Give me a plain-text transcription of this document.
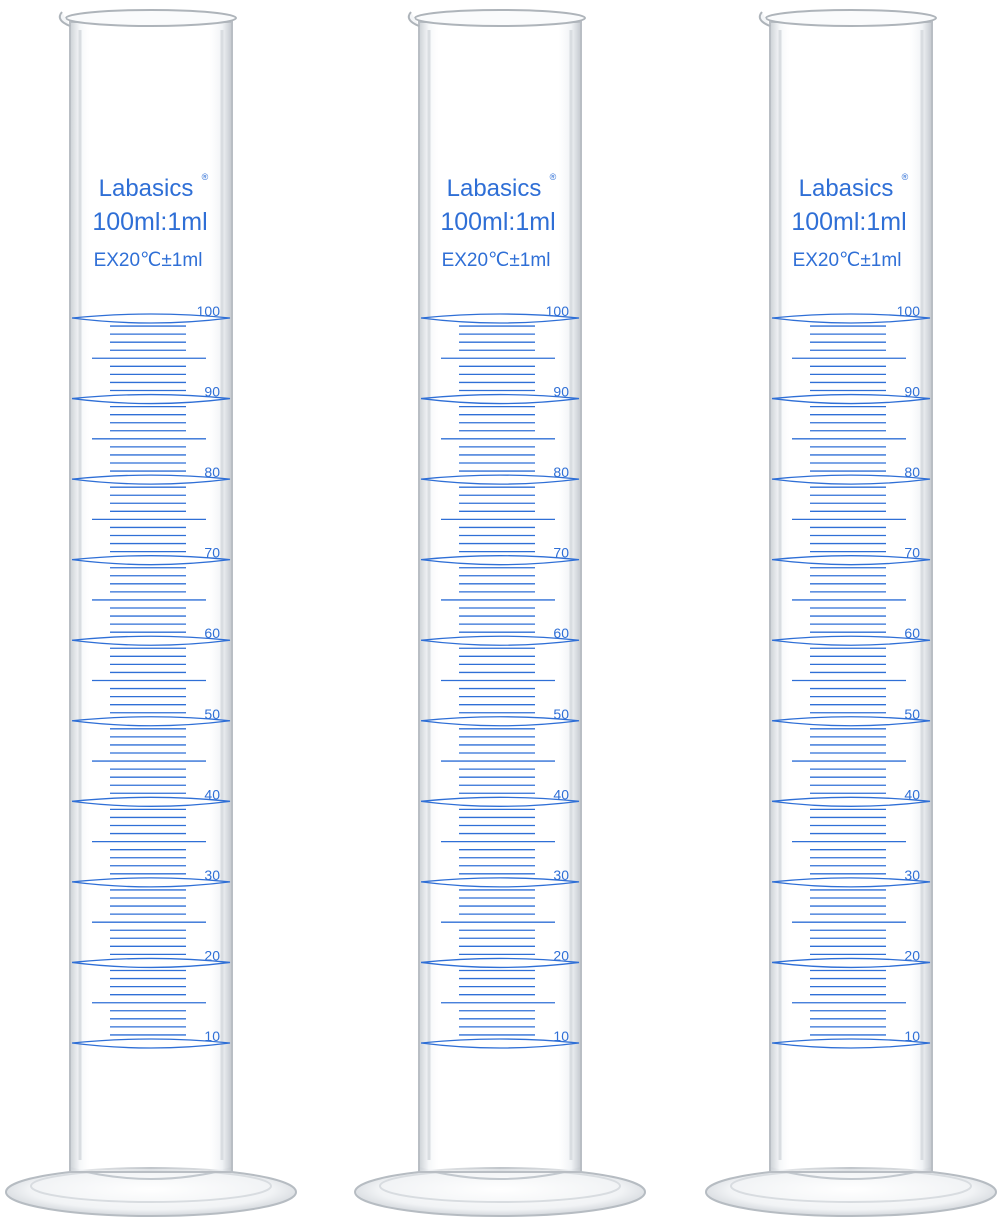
Labasics ®
100ml:1ml
EX20℃±1ml
100
90
80
70
60
50
40
30
20
10
Labasics ®
100ml:1ml
EX20℃±1ml
100
90
80
70
60
50
40
30
20
10
Labasics ®
100ml:1ml
EX20℃±1ml
100
90
80
70
60
50
40
30
20
10
